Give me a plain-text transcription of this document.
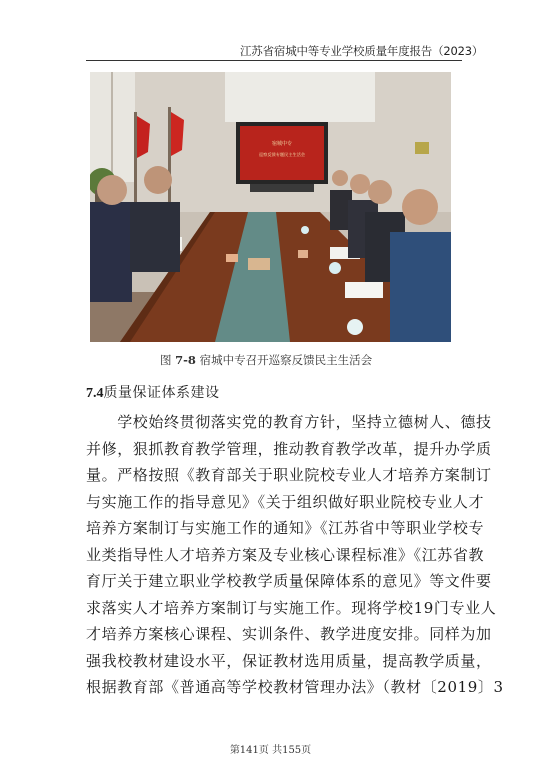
江苏省宿城中等专业学校质量年度报告（2023）
宿城中专
巡察反馈专题民主生活会
图 7-8 宿城中专召开巡察反馈民主生活会
7.4质量保证体系建设
　　学校始终贯彻落实党的教育方针，坚持立德树人、德技
并修，狠抓教育教学管理，推动教育教学改革，提升办学质
量。严格按照《教育部关于职业院校专业人才培养方案制订
与实施工作的指导意见》《关于组织做好职业院校专业人才
培养方案制订与实施工作的通知》《江苏省中等职业学校专
业类指导性人才培养方案及专业核心课程标准》《江苏省教
育厅关于建立职业学校教学质量保障体系的意见》等文件要
求落实人才培养方案制订与实施工作。现将学校19门专业人
才培养方案核心课程、实训条件、教学进度安排。同样为加
强我校教材建设水平，保证教材选用质量，提高教学质量，
根据教育部《普通高等学校教材管理办法》（教材〔2019〕3
第141页 共155页
